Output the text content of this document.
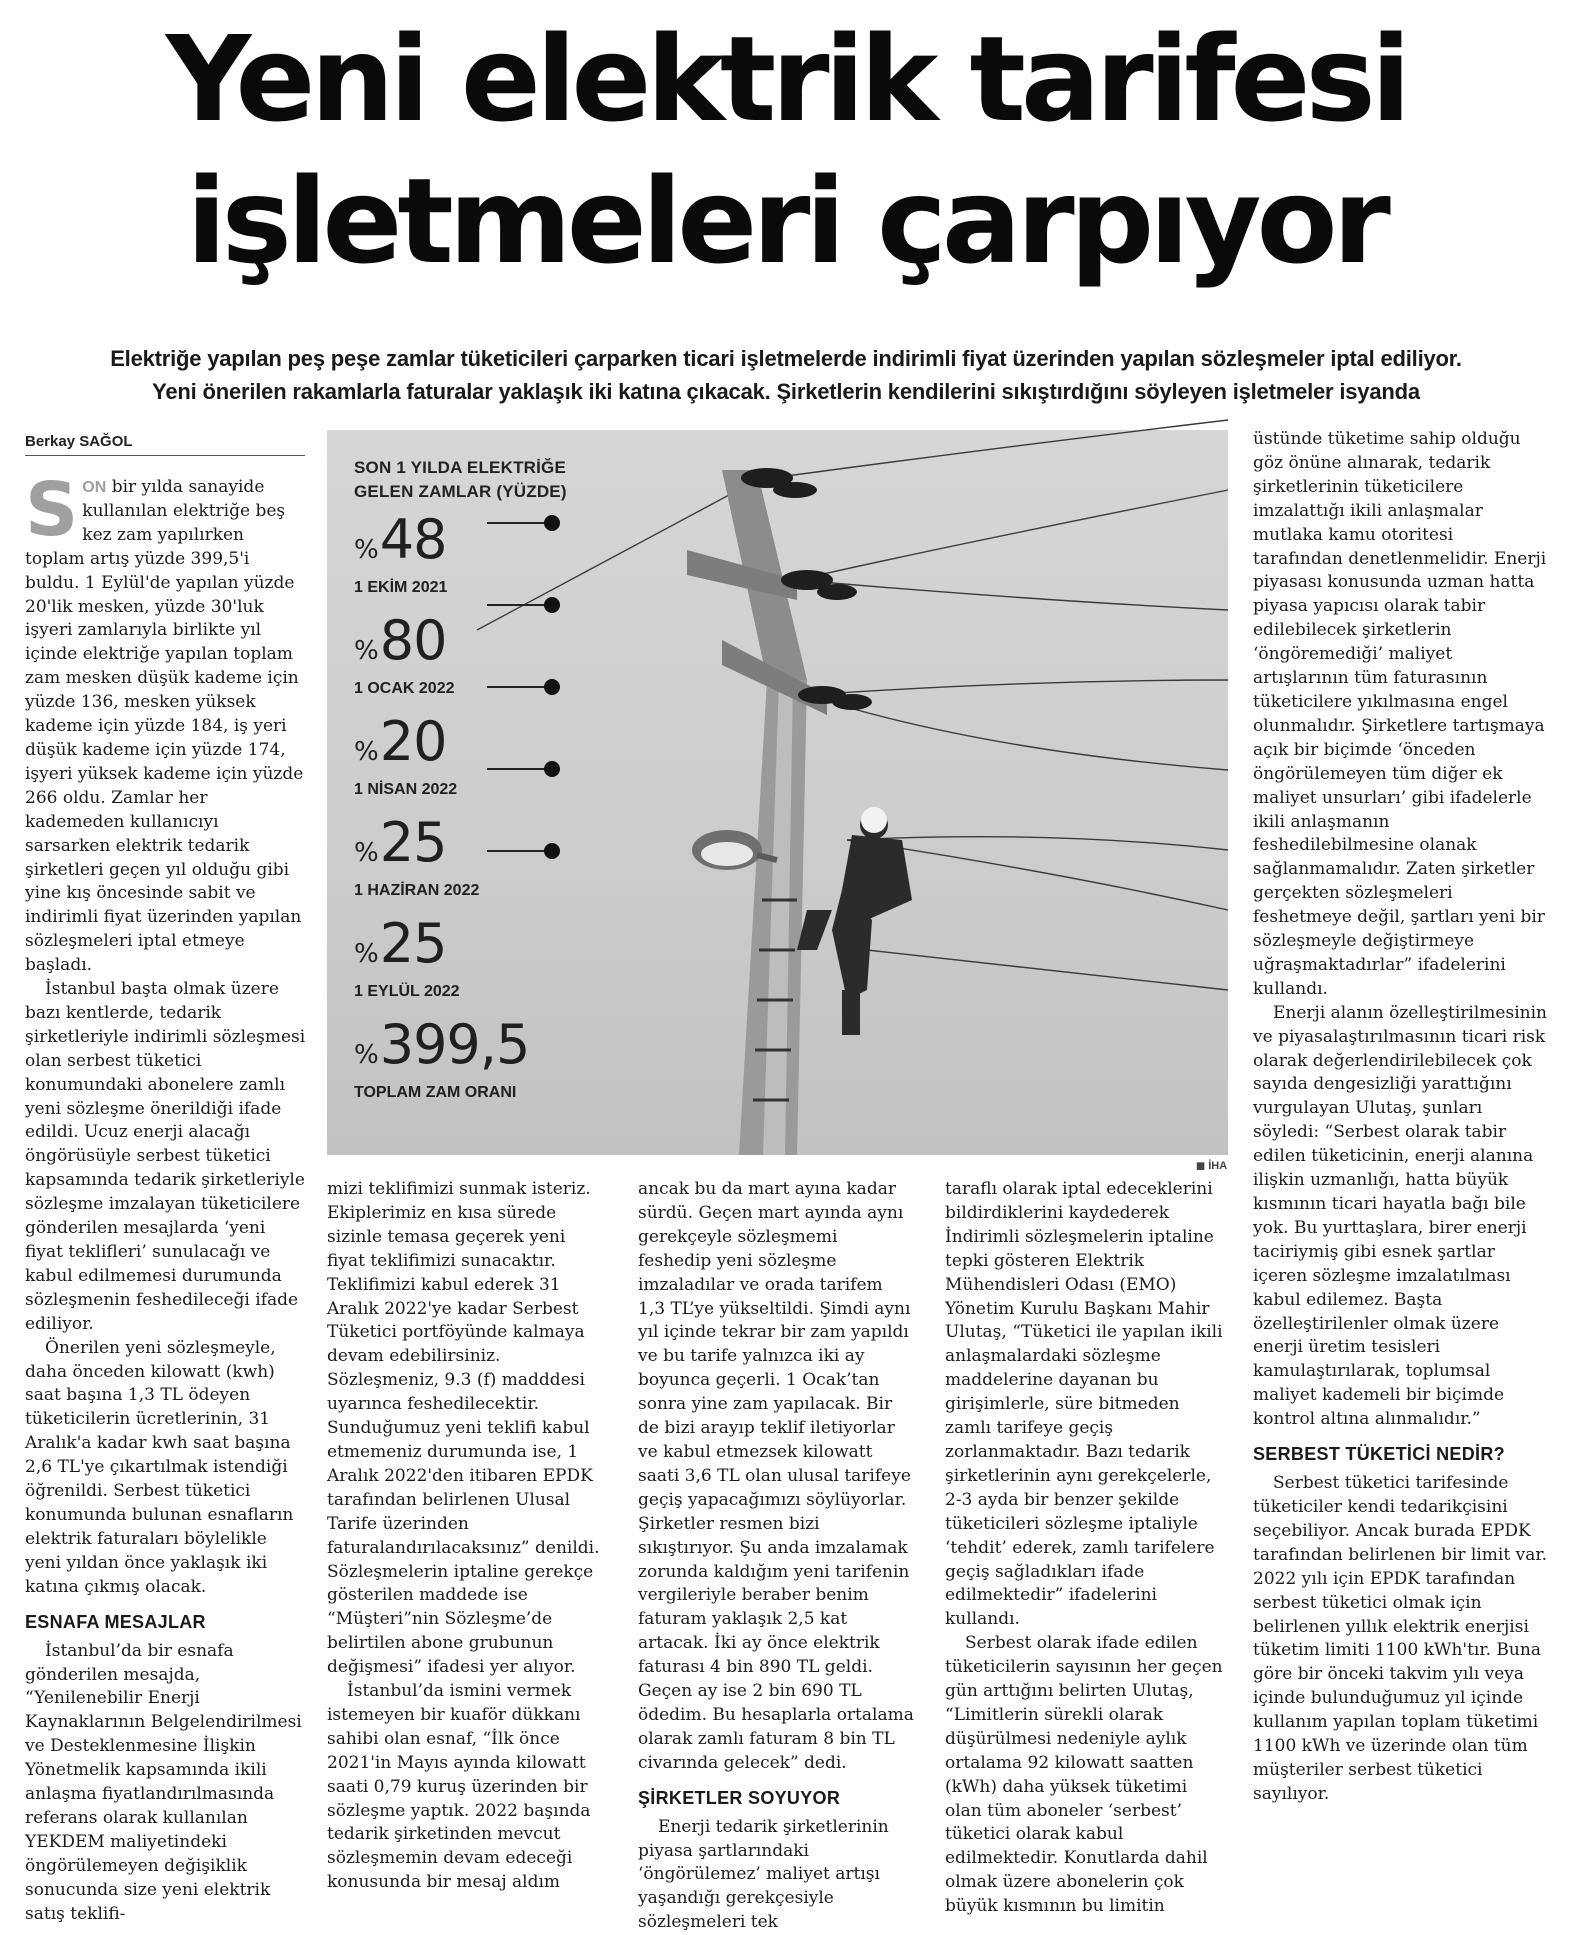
Yeni elektrik tarifesi
işletmeleri çarpıyor
Elektriğe yapılan peş peşe zamlar tüketicileri çarparken ticari işletmelerde indirimli fiyat üzerinden yapılan sözleşmeler iptal ediliyor.
Yeni önerilen rakamlarla faturalar yaklaşık iki katına çıkacak. Şirketlerin kendilerini sıkıştırdığını söyleyen işletmeler isyanda
Berkay SAĞOL

SON bir yılda sanayide kullanılan elektriğe beş kez zam yapılırken toplam artış yüzde 399,5'i buldu. 1 Eylül'de yapılan yüzde 20'lik mesken, yüzde 30'luk işyeri zamlarıyla birlikte yıl içinde elektriğe yapılan toplam zam mesken düşük kademe için yüzde 136, mesken yüksek kademe için yüzde 184, iş yeri düşük kademe için yüzde 174, işyeri yüksek kademe için yüzde 266 oldu. Zamlar her kademeden kullanıcıyı sarsarken elektrik tedarik şirketleri geçen yıl olduğu gibi yine kış öncesinde sabit ve indirimli fiyat üzerinden yapılan sözleşmeleri iptal etmeye başladı.

İstanbul başta olmak üzere bazı kentlerde, tedarik şirketleriyle indirimli sözleşmesi olan serbest tüketici konumundaki abonelere zamlı yeni sözleşme önerildiği ifade edildi. Ucuz enerji alacağı öngörüsüyle serbest tüketici kapsamında tedarik şirketleriyle sözleşme imzalayan tüketicilere gönderilen mesajlarda ‘yeni fiyat teklifleri’ sunulacağı ve kabul edilmemesi durumunda sözleşmenin feshedileceği ifade ediliyor.

Önerilen yeni sözleşmeyle, daha önceden kilowatt (kwh) saat başına 1,3 TL ödeyen tüketicilerin ücretlerinin, 31 Aralık'a kadar kwh saat başına 2,6 TL'ye çıkartılmak istendiği öğrenildi. Serbest tüketici konumunda bulunan esnafların elektrik faturaları böylelikle yeni yıldan önce yaklaşık iki katına çıkmış olacak.

ESNAFA MESAJLAR

İstanbul’da bir esnafa gönderilen mesajda, “Yenilenebilir Enerji Kaynaklarının Belgelendirilmesi ve Desteklenmesine İlişkin Yönetmelik kapsamında ikili anlaşma fiyatlandırılmasında referans olarak kullanılan YEKDEM maliyetindeki öngörülemeyen değişiklik sonucunda size yeni elektrik satış teklifi-

SON 1 YILDA ELEKTRİĞE
GELEN ZAMLAR (YÜZDE)
%48
1 EKİM 2021
%80
1 OCAK 2022
%20
1 NİSAN 2022
%25
1 HAZİRAN 2022
%25
1 EYLÜL 2022
%399,5
TOPLAM ZAM ORANI
◼ İHA

mizi teklifimizi sunmak isteriz. Ekiplerimiz en kısa sürede sizinle temasa geçerek yeni fiyat teklifimizi sunacaktır. Teklifimizi kabul ederek 31 Aralık 2022'ye kadar Serbest Tüketici portföyünde kalmaya devam edebilirsiniz. Sözleşmeniz, 9.3 (f) madddesi uyarınca feshedilecektir. Sunduğumuz yeni teklifi kabul etmemeniz durumunda ise, 1 Aralık 2022'den itibaren EPDK tarafından belirlenen Ulusal Tarife üzerinden faturalandırılacaksınız” denildi. Sözleşmelerin iptaline gerekçe gösterilen maddede ise “Müşteri”nin Sözleşme’de belirtilen abone grubunun değişmesi” ifadesi yer alıyor.

İstanbul’da ismini vermek istemeyen bir kuaför dükkanı sahibi olan esnaf, “İlk önce 2021'in Mayıs ayında kilowatt saati 0,79 kuruş üzerinden bir sözleşme yaptık. 2022 başında tedarik şirketinden mevcut sözleşmemin devam edeceği konusunda bir mesaj aldım

ancak bu da mart ayına kadar sürdü. Geçen mart ayında aynı gerekçeyle sözleşmemi feshedip yeni sözleşme imzaladılar ve orada tarifem 1,3 TL’ye yükseltildi. Şimdi aynı yıl içinde tekrar bir zam yapıldı ve bu tarife yalnızca iki ay boyunca geçerli. 1 Ocak’tan sonra yine zam yapılacak. Bir de bizi arayıp teklif iletiyorlar ve kabul etmezsek kilowatt saati 3,6 TL olan ulusal tarifeye geçiş yapacağımızı söylüyorlar. Şirketler resmen bizi sıkıştırıyor. Şu anda imzalamak zorunda kaldığım yeni tarifenin vergileriyle beraber benim faturam yaklaşık 2,5 kat artacak. İki ay önce elektrik faturası 4 bin 890 TL geldi. Geçen ay ise 2 bin 690 TL ödedim. Bu hesaplarla ortalama olarak zamlı faturam 8 bin TL civarında gelecek” dedi.

ŞİRKETLER SOYUYOR

Enerji tedarik şirketlerinin piyasa şartlarındaki ‘öngörülemez’ maliyet artışı yaşandığı gerekçesiyle sözleşmeleri tek

taraflı olarak iptal edeceklerini bildirdiklerini kaydederek İndirimli sözleşmelerin iptaline tepki gösteren Elektrik Mühendisleri Odası (EMO) Yönetim Kurulu Başkanı Mahir Ulutaş, “Tüketici ile yapılan ikili anlaşmalardaki sözleşme maddelerine dayanan bu girişimlerle, süre bitmeden zamlı tarifeye geçiş zorlanmaktadır. Bazı tedarik şirketlerinin aynı gerekçelerle, 2-3 ayda bir benzer şekilde tüketicileri sözleşme iptaliyle ‘tehdit’ ederek, zamlı tarifelere geçiş sağladıkları ifade edilmektedir” ifadelerini kullandı.

Serbest olarak ifade edilen tüketicilerin sayısının her geçen gün arttığını belirten Ulutaş, “Limitlerin sürekli olarak düşürülmesi nedeniyle aylık ortalama 92 kilowatt saatten (kWh) daha yüksek tüketimi olan tüm aboneler ‘serbest’ tüketici olarak kabul edilmektedir. Konutlarda dahil olmak üzere abonelerin çok büyük kısmının bu limitin

üstünde tüketime sahip olduğu göz önüne alınarak, tedarik şirketlerinin tüketicilere imzalattığı ikili anlaşmalar mutlaka kamu otoritesi tarafından denetlenmelidir. Enerji piyasası konusunda uzman hatta piyasa yapıcısı olarak tabir edilebilecek şirketlerin ‘öngöremediği’ maliyet artışlarının tüm faturasının tüketicilere yıkılmasına engel olunmalıdır. Şirketlere tartışmaya açık bir biçimde ‘önceden öngörülemeyen tüm diğer ek maliyet unsurları’ gibi ifadelerle ikili anlaşmanın feshedilebilmesine olanak sağlanmamalıdır. Zaten şirketler gerçekten sözleşmeleri feshetmeye değil, şartları yeni bir sözleşmeyle değiştirmeye uğraşmaktadırlar” ifadelerini kullandı.

Enerji alanın özelleştirilmesinin ve piyasalaştırılmasının ticari risk olarak değerlendirilebilecek çok sayıda dengesizliği yarattığını vurgulayan Ulutaş, şunları söyledi: “Serbest olarak tabir edilen tüketicinin, enerji alanına ilişkin uzmanlığı, hatta büyük kısmının ticari hayatla bağı bile yok. Bu yurttaşlara, birer enerji taciriymiş gibi esnek şartlar içeren sözleşme imzalatılması kabul edilemez. Başta özelleştirilenler olmak üzere enerji üretim tesisleri kamulaştırılarak, toplumsal maliyet kademeli bir biçimde kontrol altına alınmalıdır.”

SERBEST TÜKETİCİ NEDİR?

Serbest tüketici tarifesinde tüketiciler kendi tedarikçisini seçebiliyor. Ancak burada EPDK tarafından belirlenen bir limit var. 2022 yılı için EPDK tarafından serbest tüketici olmak için belirlenen yıllık elektrik enerjisi tüketim limiti 1100 kWh'tır. Buna göre bir önceki takvim yılı veya içinde bulunduğumuz yıl içinde kullanım yapılan toplam tüketimi 1100 kWh ve üzerinde olan tüm müşteriler serbest tüketici sayılıyor.
